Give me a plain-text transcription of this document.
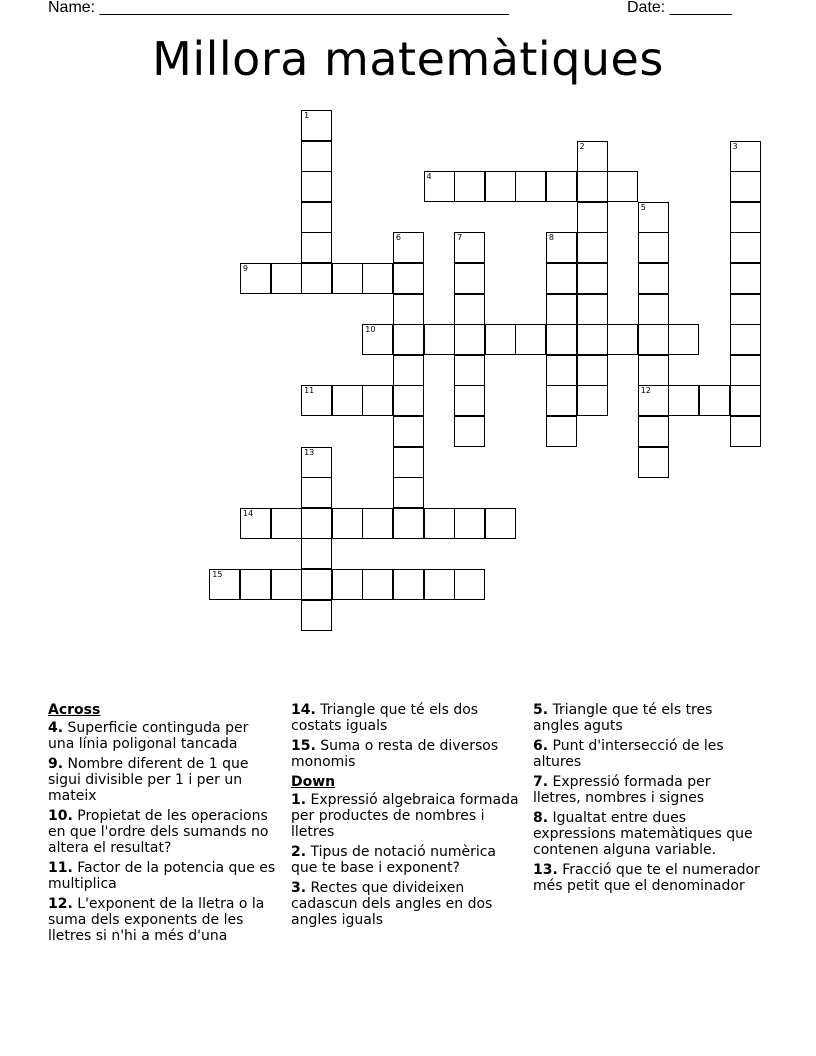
Name: ______________________________________________	Date: _______
Millora matemàtiques
1
2	3
4
5
12
6	7	8
9
10
11
13
14
15
Across
4. Superficie continguda per una línia poligonal tancada
9. Nombre diferent de 1 que sigui divisible per 1 i per un mateix
10. Propietat de les operacions en que l'ordre dels sumands no altera el resultat?
11. Factor de la potencia que es multiplica
12. L'exponent de la lletra o la suma dels exponents de les lletres si n'hi a més d'una
14. Triangle que té els dos costats iguals
15. Suma o resta de diversos monomis
Down
1. Expressió algebraica formada per productes de nombres i lletres
2. Tipus de notació numèrica que te base i exponent?
3. Rectes que divideixen cadascun dels angles en dos angles iguals
5. Triangle que té els tres angles aguts
6. Punt d'intersecció de les altures
7. Expressió formada per lletres, nombres i signes
8. Igualtat entre dues expressions matemàtiques que contenen alguna variable.
13. Fracció que te el numerador més petit que el denominador
